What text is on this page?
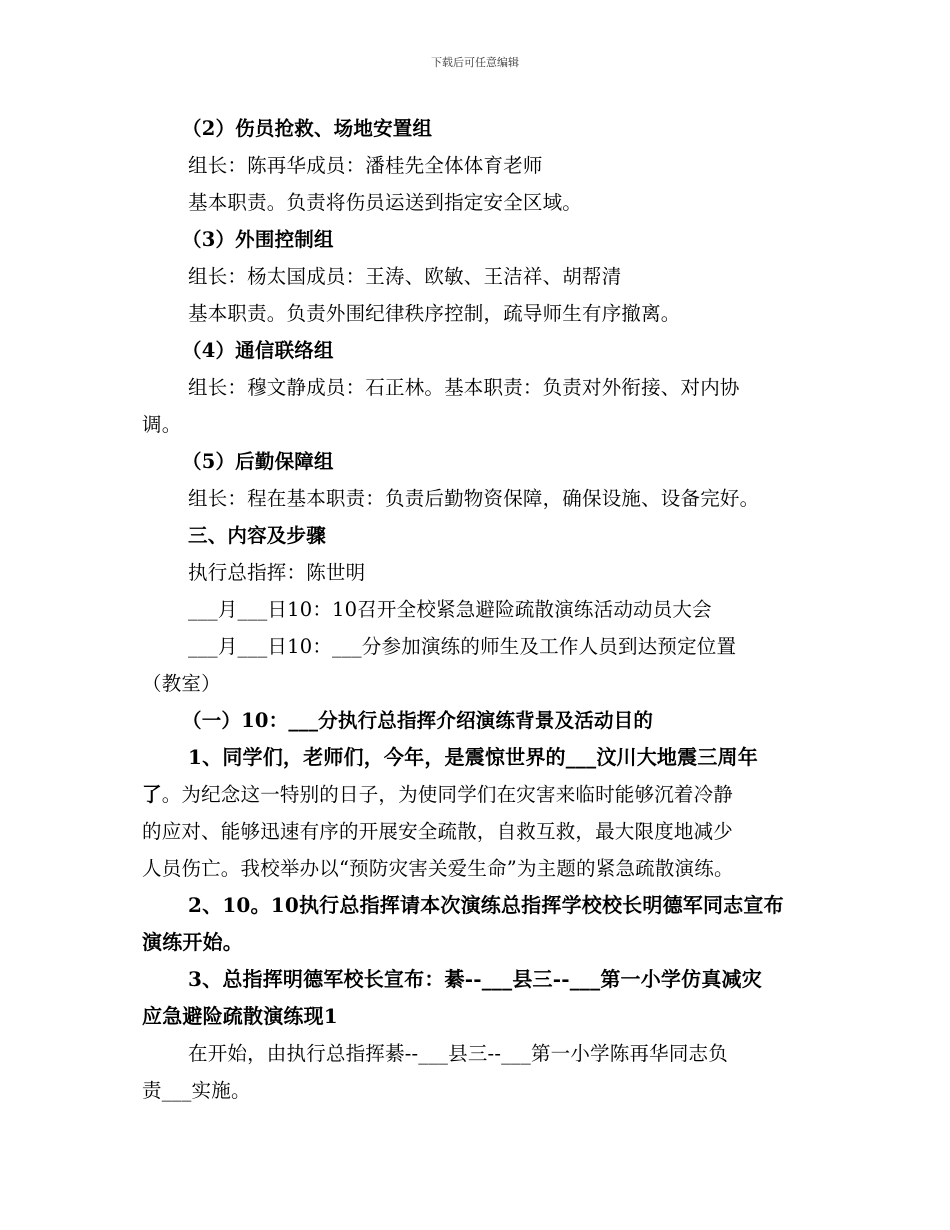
下载后可任意编辑
（2）伤员抢救、场地安置组
组长：陈再华成员：潘桂先全体体育老师
基本职责。负责将伤员运送到指定安全区域。
（3）外围控制组
组长：杨太国成员：王涛、欧敏、王洁祥、胡帮清
基本职责。负责外围纪律秩序控制，疏导师生有序撤离。
（4）通信联络组
组长：穆文静成员：石正林。基本职责：负责对外衔接、对内协
调。
（5）后勤保障组
组长：程在基本职责：负责后勤物资保障，确保设施、设备完好。
三、内容及步骤
执行总指挥：陈世明
___月___日10：10召开全校紧急避险疏散演练活动动员大会
___月___日10：___分参加演练的师生及工作人员到达预定位置
（教室）
（一）10：___分执行总指挥介绍演练背景及活动目的
1、同学们，老师们，今年，是震惊世界的___汶川大地震三周年
了。为纪念这一特别的日子，为使同学们在灾害来临时能够沉着冷静
的应对、能够迅速有序的开展安全疏散，自救互救，最大限度地减少
人员伤亡。我校举办以“预防灾害关爱生命”为主题的紧急疏散演练。
2、10。10执行总指挥请本次演练总指挥学校校长明德军同志宣布
演练开始。
3、总指挥明德军校长宣布：綦--___县三--___第一小学仿真减灾
应急避险疏散演练现1
在开始，由执行总指挥綦--___县三--___第一小学陈再华同志负
责___实施。
